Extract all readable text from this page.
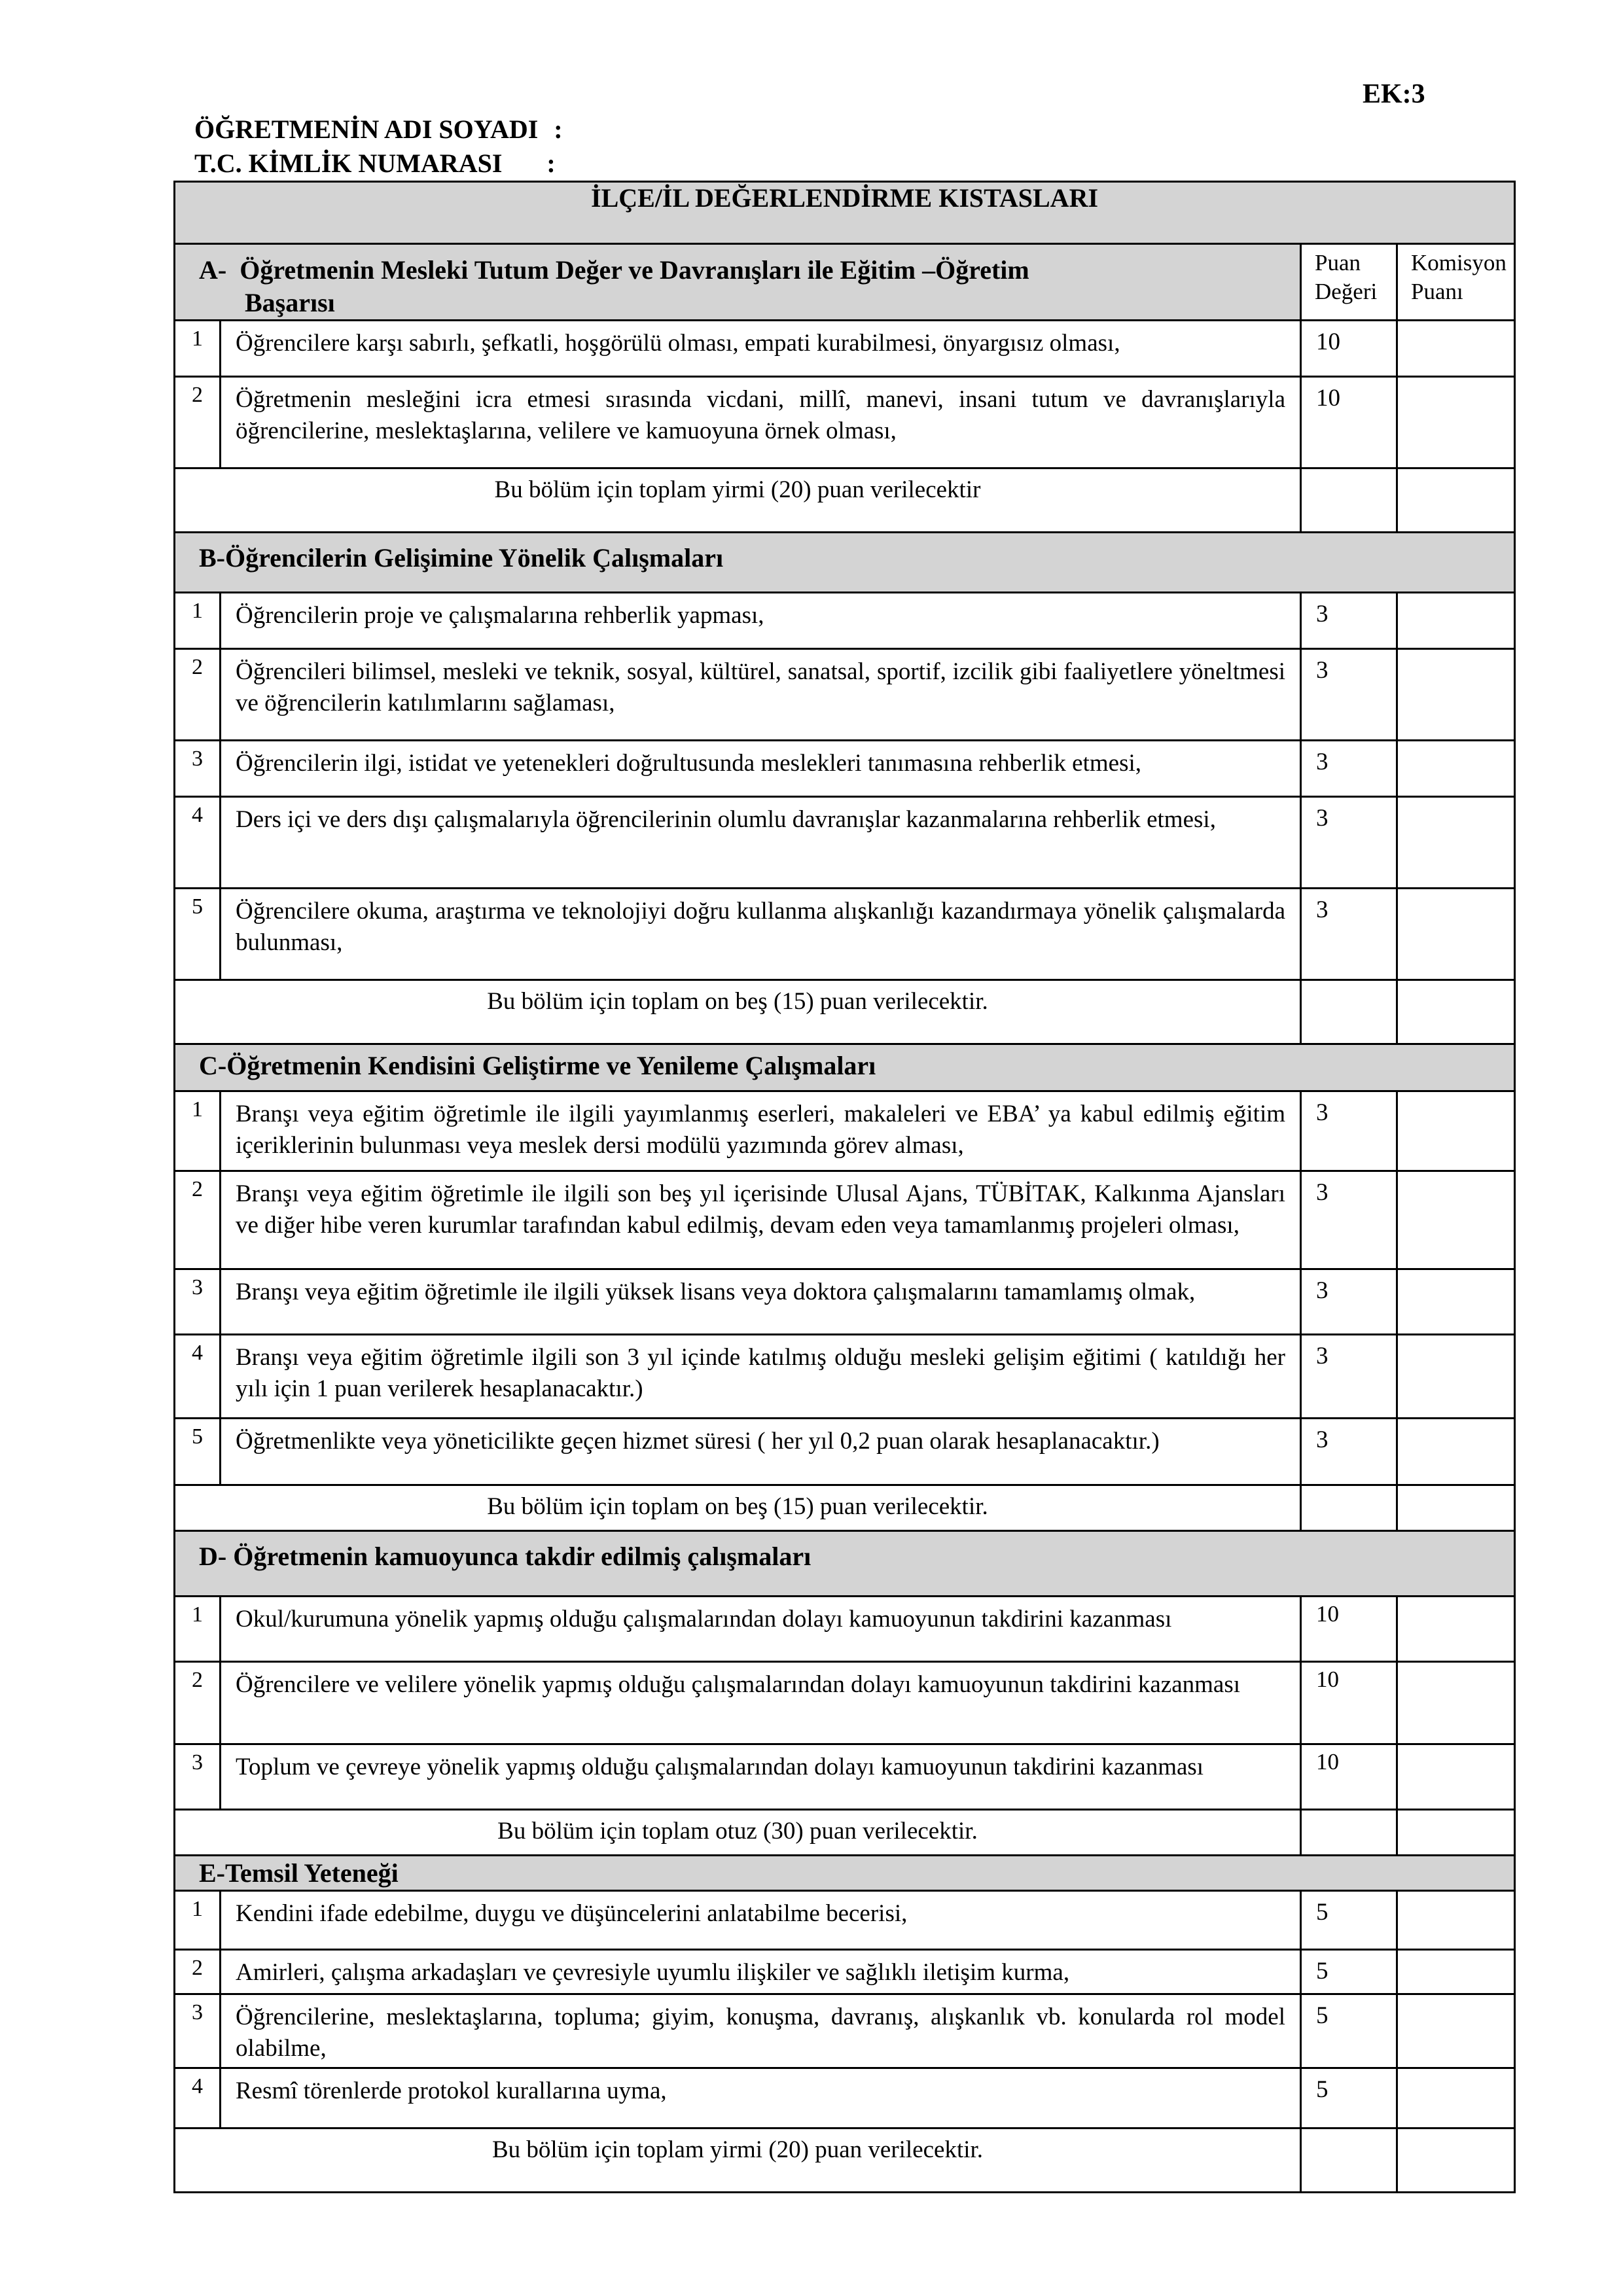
EK:3
ÖĞRETMENİN ADI SOYADI :
T.C. KİMLİK NUMARASI :
İLÇE/İL DEĞERLENDİRME KISTASLARI			
A- Öğretmenin Mesleki Tutum Değer ve Davranışları ile Eğitim –Öğretim
Başarısı		Puan Değeri	Komisyon Puanı
1	Öğrencilere karşı sabırlı, şefkatli, hoşgörülü olması, empati kurabilmesi, önyargısız olması,	10	
2	Öğretmenin mesleğini icra etmesi sırasında vicdani, millî, manevi, insani tutum ve davranışlarıyla öğrencilerine, meslektaşlarına, velilere ve kamuoyuna örnek olması,	10	
Bu bölüm için toplam yirmi (20) puan verilecektir			
B-Öğrencilerin Gelişimine Yönelik Çalışmaları			
1	Öğrencilerin proje ve çalışmalarına rehberlik yapması,	3	
2	Öğrencileri bilimsel, mesleki ve teknik, sosyal, kültürel, sanatsal, sportif, izcilik gibi faaliyetlere yöneltmesi ve öğrencilerin katılımlarını sağlaması,	3	
3	Öğrencilerin ilgi, istidat ve yetenekleri doğrultusunda meslekleri tanımasına rehberlik etmesi,	3	
4	Ders içi ve ders dışı çalışmalarıyla öğrencilerinin olumlu davranışlar kazanmalarına rehberlik etmesi,	3	
5	Öğrencilere okuma, araştırma ve teknolojiyi doğru kullanma alışkanlığı kazandırmaya yönelik çalışmalarda bulunması,	3	
Bu bölüm için toplam on beş (15) puan verilecektir.			
C-Öğretmenin Kendisini Geliştirme ve Yenileme Çalışmaları			
1	Branşı veya eğitim öğretimle ile ilgili yayımlanmış eserleri, makaleleri ve EBA’ ya kabul edilmiş eğitim içeriklerinin bulunması veya meslek dersi modülü yazımında görev alması,	3	
2	Branşı veya eğitim öğretimle ile ilgili son beş yıl içerisinde Ulusal Ajans, TÜBİTAK, Kalkınma Ajansları ve diğer hibe veren kurumlar tarafından kabul edilmiş, devam eden veya tamamlanmış projeleri olması,	3	
3	Branşı veya eğitim öğretimle ile ilgili yüksek lisans veya doktora çalışmalarını tamamlamış olmak,	3	
4	Branşı veya eğitim öğretimle ilgili son 3 yıl içinde katılmış olduğu mesleki gelişim eğitimi ( katıldığı her yılı için 1 puan verilerek hesaplanacaktır.)	3	
5	Öğretmenlikte veya yöneticilikte geçen hizmet süresi ( her yıl 0,2 puan olarak hesaplanacaktır.)	3	
Bu bölüm için toplam on beş (15) puan verilecektir.			
D- Öğretmenin kamuoyunca takdir edilmiş çalışmaları			
1	Okul/kurumuna yönelik yapmış olduğu çalışmalarından dolayı kamuoyunun takdirini kazanması	10	
2	Öğrencilere ve velilere yönelik yapmış olduğu çalışmalarından dolayı kamuoyunun takdirini kazanması	10	
3	Toplum ve çevreye yönelik yapmış olduğu çalışmalarından dolayı kamuoyunun takdirini kazanması	10	
Bu bölüm için toplam otuz (30) puan verilecektir.			
E-Temsil Yeteneği			
1	Kendini ifade edebilme, duygu ve düşüncelerini anlatabilme becerisi,	5	
2	Amirleri, çalışma arkadaşları ve çevresiyle uyumlu ilişkiler ve sağlıklı iletişim kurma,	5	
3	Öğrencilerine, meslektaşlarına, topluma; giyim, konuşma, davranış, alışkanlık vb. konularda rol model olabilme,	5	
4	Resmî törenlerde protokol kurallarına uyma,	5	
Bu bölüm için toplam yirmi (20) puan verilecektir.			
